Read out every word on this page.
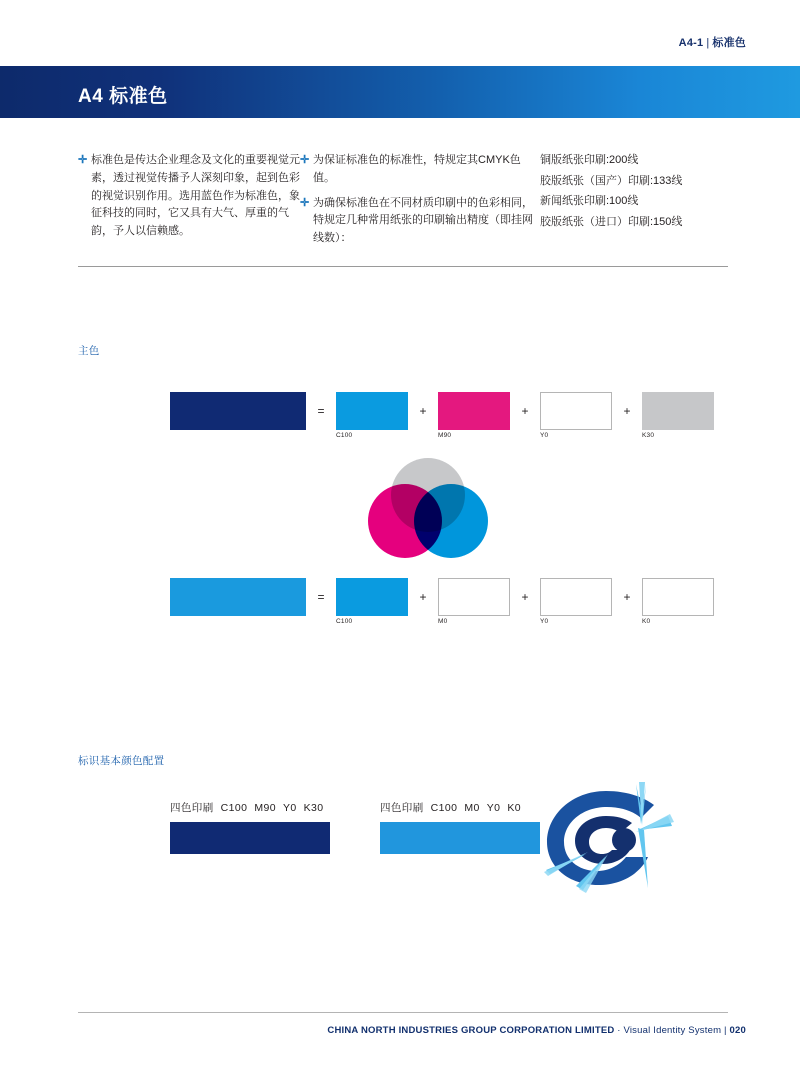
A4-1 | 标准色
A4 标准色
✛ 标准色是传达企业理念及文化的重要视觉元素，透过视觉传播予人深刻印象，起到色彩的视觉识别作用。选用蓝色作为标准色，象征科技的同时，它又具有大气、厚重的气韵，予人以信赖感。
✛ 为保证标准色的标准性，特规定其CMYK色值。
✛ 为确保标准色在不同材质印刷中的色彩相同，特规定几种常用纸张的印刷输出精度（即挂网线数）：
铜版纸张印刷:200线
胶版纸张（国产）印刷:133线
新闻纸张印刷:100线
胶版纸张（进口）印刷:150线
主色
=
C100
+
M90
+
Y0
+
K30
=
C100
+
M0
+
Y0
+
K0
标识基本颜色配置
四色印刷 C100 M90 Y0 K30	四色印刷 C100 M0 Y0 K0
CHINA NORTH INDUSTRIES GROUP CORPORATION LIMITED · Visual Identity System | 020
